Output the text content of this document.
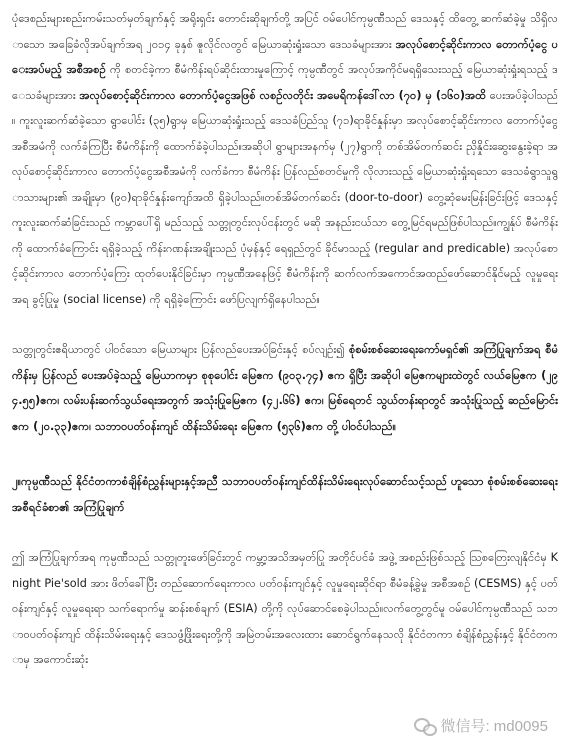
ပုံဒေစည်းများစည်းကမ်းသတ်မှတ်ချက်နှင့် အရိုးရှင်း တောင်းဆိုချက်တို့ အပြင် ဝမ်ပေါင်ကုမ္ပဏီသည် ဒေသနှင့် ထိတွေ့ ဆက်ဆံခဲ့မှု သိရှိလာသော အခြေခံလိုအပ်ချက်အရ ၂၀၁၄ ခုနှစ် ဇူလိုင်လတွင် မြေယာဆုံးရှုံးသော ဒေသခံများအား အလုပ်စောင့်ဆိုင်းကာလ တောက်ပံ့ငွေ ပေးအပ်မည့် အစီအစဉ် ကို စတင်ခဲ့ကာ စီမံကိန်းရပ်ဆိုင်းထားမှုကြောင့် ကုမ္ပဏီတွင် အလုပ်အကိုင်မရရှိသေးသည့် မြေယာဆုံးရှုံးရသည့် ဒေသခံများအား အလုပ်စောင့်ဆိုင်းကာလ တောက်ပံ့ငွေအဖြစ် လစဉ်လတိုင်း အမေရိကန်ဒေါ်လာ (၇၀) မှ (၁၆၀)အထိ ပေးအပ်ခဲ့ပါသည်။ ကူးလူးဆက်ဆံခဲ့သော ရွာပေါင်း (၃၅)ရွာမှ မြေယာဆုံးရှုံးသည့် ဒေသခံပြည်သူ (၇၁)ရာခိုင်နှုန်းမှာ အလုပ်စောင့်ဆိုင်းကာလ တောက်ပံ့ငွေ အစီအမံကို လက်ခံကြပြီး စီမံကိန်းကို ထောက်ခံခဲ့ပါသည်။အဆိုပါ ရွာများအနက်မှ (၂၇)ရွာကို တစ်အိမ်တက်ဆင်း ညှိနှိုင်းဆွေးနွေးခဲ့ရာ အလုပ်စောင့်ဆိုင်းကာလ တောက်ပံ့ငွေအစီအမံကို လက်ခံကာ စီမံကိန်း ပြန်လည်စတင်မှုကို လိုလားသည့် မြေယာဆုံးရှုံးရသော ဒေသခံရွာသူရွာသားများ၏ အချိုးမှာ (၉၀)ရာခိုင်နှုန်းကျော်အထိ ရှိခဲ့ပါသည်။တစ်အိမ်တက်ဆင်း (door-to-door) တွေ့ဆုံမေးမြန်းခြင်းဖြင့် ဒေသနှင့် ကူးလူးဆက်ဆံခြင်းသည် ကမ္ဘာပေါ်ရှိ မည်သည့် သတ္တုတွင်းလုပ်ငန်းတွင် မဆို အနည်းငယ်သာ တွေ့မြင်ရမည်ဖြစ်ပါသည်။ကျွန်ုပ် စီမံကိန်းကို ထောက်ခံကြောင်း ရရှိခဲ့သည့် ကိန်းဂဏန်းအချိုးသည် ပုံမှန်နှင့် ရေရှည်တွင် ခိုင်မာသည့် (regular and predicable) အလုပ်စောင့်ဆိုင်းကာလ တောက်ပံ့ကြေး ထုတ်ပေးနိုင်ခြင်းမှာ ကုမ္ပဏီအနေဖြင့် စီမံကိန်းကို ဆက်လက်အကောင်အထည်ဖော်ဆောင်နိုင်မည့် လူမှုရေးအရ ခွင့်ပြုမှု (social license) ကို ရရှိခဲ့ကြောင်း ဖော်ပြလျက်ရှိနေပါသည်။

သတ္တုတွင်းဧရိယာတွင် ပါဝင်သော မြေယာများ ပြန်လည်ပေးအပ်ခြင်းနှင့် စပ်လျဉ်း၍ စုံစမ်းစစ်ဆေးရေးကော်မရှင်၏ အကြံပြုချက်အရ စီမံကိန်းမှ ပြန်လည် ပေးအပ်ခဲ့သည့် မြေယာကမှာ စုစုပေါင်း မြေဧက (၉၀၃.၇၄) ဧက ရှိပြီး အဆိုပါ မြေဧကများထဲတွင် လယ်မြေဧက (၂၉၄.၅၅)ဧက၊ လမ်းပန်းဆက်သွယ်ရေးအတွက် အသုံးပြုမြေဧက (၄၂.၆၆) ဧက၊ မြစ်ရေတင် သွယ်တန်းရာတွင် အသုံးပြုသည့် ဆည်မြောင်းဧက (၂၀.၃၃)ဧက၊ သဘာဝပတ်ဝန်းကျင် ထိန်းသိမ်းရေး မြေဧက (၅၃၆)ဧက တို့ ပါဝင်ပါသည်။

၂။ကုမ္ပဏီသည် နိုင်ငံတကာစံချိန်စံညွှန်းများနှင့်အညီ သဘာဝပတ်ဝန်းကျင်ထိန်းသိမ်းရေးလုပ်ဆောင်သင့်သည် ဟူသော စုံစမ်းစစ်ဆေးရေးအစီရင်ခံစာ၏ အကြံပြုချက်

ဤ အကြံပြုချက်အရ ကုမ္ပဏီသည် သတ္တုတူးဖော်ခြင်းတွင် ကမ္ဘာ့အသိအမှတ်ပြု အတိုင်ပင်ခံ အဖွဲ့ အစည်းဖြစ်သည့် ဩစတြေးလျနိုင်ငံမှ Knight Pie'sold အား ဖိတ်ခေါ်ပြီး တည်ဆောက်ရေးကာလ ပတ်ဝန်းကျင်နှင့် လူမှုရေးဆိုင်ရာ စီမံခန့်ခွဲမှု အစီအစဉ် (CESMS) နှင့် ပတ်ဝန်းကျင်နှင့် လူမှုရေးရာ သက်ရောက်မှု ဆန်းစစ်ချက် (ESIA) တို့ကို လုပ်ဆောင်စေခဲ့ပါသည်။လက်တွေ့တွင်မူ ဝမ်ပေါင်ကုမ္ပဏီသည် သဘာဝပတ်ဝန်းကျင် ထိန်းသိမ်းရေးနှင့် ဒေသဖွံ့ဖြိုးရေးတို့ကို အမြဲတမ်းအလေးထား ဆောင်ရွက်နေသလို နိုင်ငံတကာ စံချိန်စံညွှန်းနှင့် နိုင်ငံတကာမှ အကောင်းဆုံး

微信号: md0095
